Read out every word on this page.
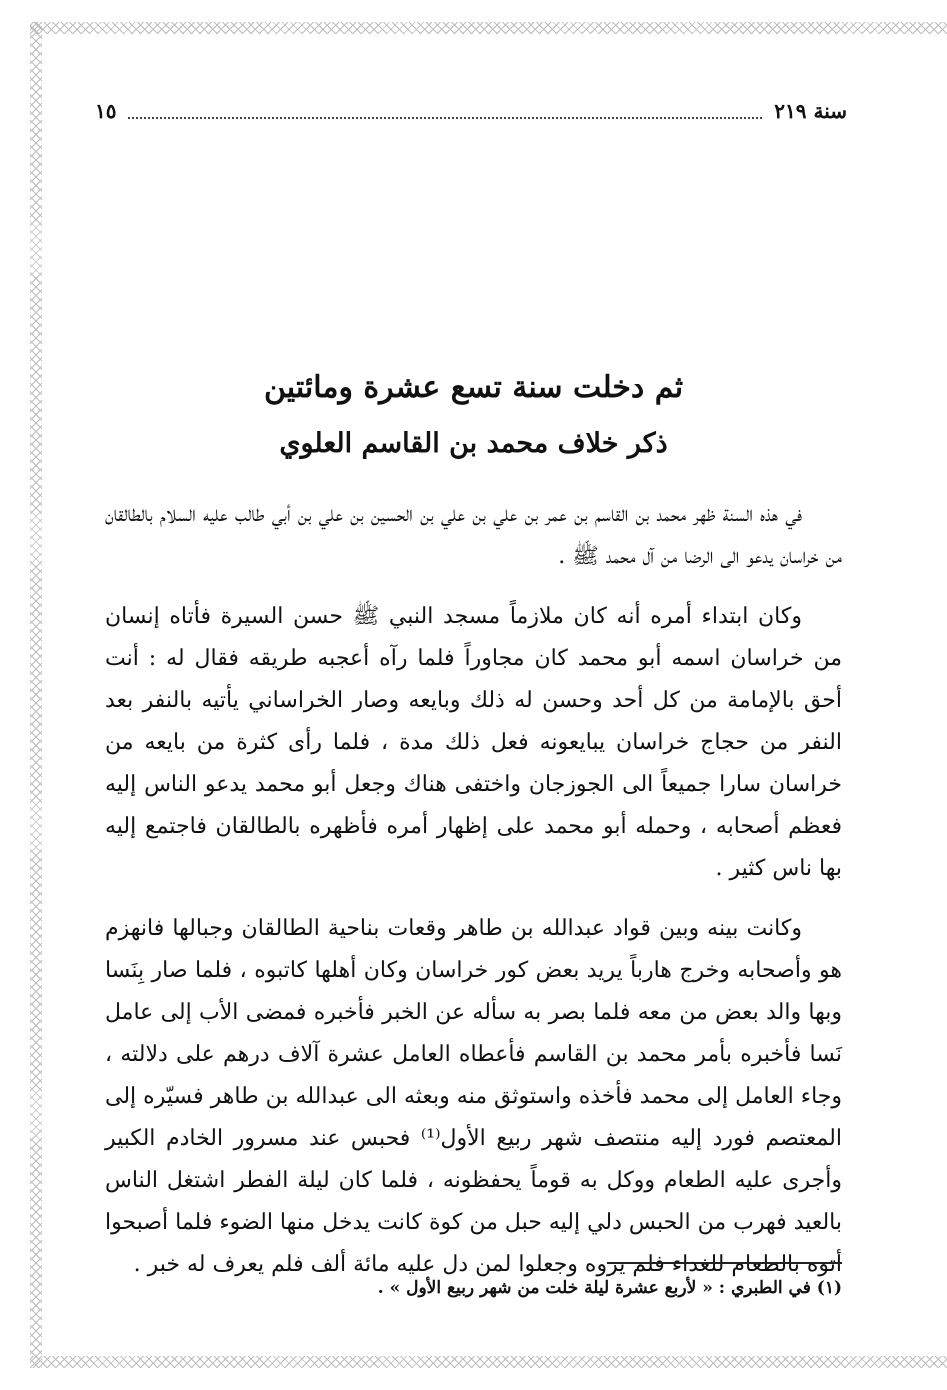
سنة ٢١٩
١٥
ثم دخلت سنة تسع عشرة ومائتين
ذكر خلاف محمد بن القاسم العلوي

في هذه السنة ظهر محمد بن القاسم بن عمر بن علي بن علي بن الحسين بن علي بن أبي طالب عليه السلام بالطالقان من خراسان يدعو الى الرضا من آل محمد ﷺ .

وكان ابتداء أمره أنه كان ملازماً مسجد النبي ﷺ حسن السيرة فأتاه إنسان من خراسان اسمه أبو محمد كان مجاوراً فلما رآه أعجبه طريقه فقال له : أنت أحق بالإمامة من كل أحد وحسن له ذلك وبايعه وصار الخراساني يأتيه بالنفر بعد النفر من حجاج خراسان يبايعونه فعل ذلك مدة ، فلما رأى كثرة من بايعه من خراسان سارا جميعاً الى الجوزجان واختفى هناك وجعل أبو محمد يدعو الناس إليه فعظم أصحابه ، وحمله أبو محمد على إظهار أمره فأظهره بالطالقان فاجتمع إليه بها ناس كثير .

وكانت بينه وبين قواد عبدالله بن طاهر وقعات بناحية الطالقان وجبالها فانهزم هو وأصحابه وخرج هارباً يريد بعض كور خراسان وكان أهلها كاتبوه ، فلما صار بِنَسا وبها والد بعض من معه فلما بصر به سأله عن الخبر فأخبره فمضى الأب إلى عامل نَسا فأخبره بأمر محمد بن القاسم فأعطاه العامل عشرة آلاف درهم على دلالته ، وجاء العامل إلى محمد فأخذه واستوثق منه وبعثه الى عبدالله بن طاهر فسيّره إلى المعتصم فورد إليه منتصف شهر ربيع الأول⁽¹⁾ فحبس عند مسرور الخادم الكبير وأجرى عليه الطعام ووكل به قوماً يحفظونه ، فلما كان ليلة الفطر اشتغل الناس بالعيد فهرب من الحبس دلي إليه حبل من كوة كانت يدخل منها الضوء فلما أصبحوا أتوه بالطعام للغداء فلم يروه وجعلوا لمن دل عليه مائة ألف فلم يعرف له خبر .

(١) في الطبري : « لأربع عشرة ليلة خلت من شهر ربيع الأول » .
